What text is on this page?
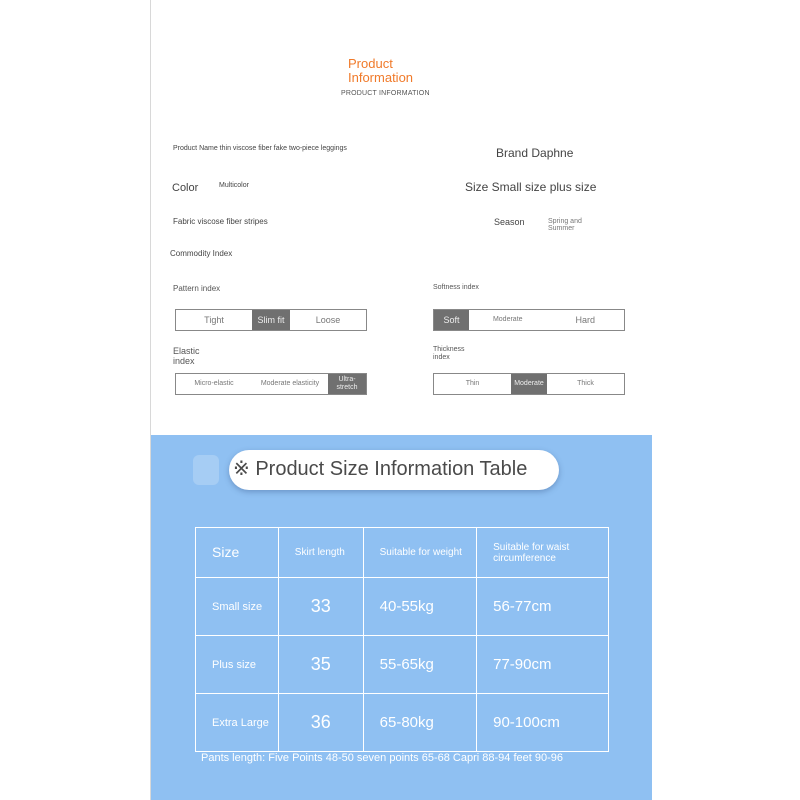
Product Information
PRODUCT INFORMATION
Product Name thin viscose fiber fake two-piece leggings	Brand Daphne
Color	Multicolor	Size Small size plus size
Fabric viscose fiber stripes	Season	Spring and Summer
Commodity Index
Pattern index
Tight	Slim fit	Loose
Softness index
Soft	Moderate	Hard
Elastic index
Micro-elastic	Moderate elasticity
Ultra-stretch
Thickness index
Thin	Moderate	Thick
※ Product Size Information Table
Size	Skirt length	Suitable for weight	Suitable for waist circumference
Small size	33	40-55kg	56-77cm
Plus size	35	55-65kg	77-90cm
Extra Large	36	65-80kg	90-100cm
Pants length: Five Points 48-50 seven points 65-68 Capri 88-94 feet 90-96
